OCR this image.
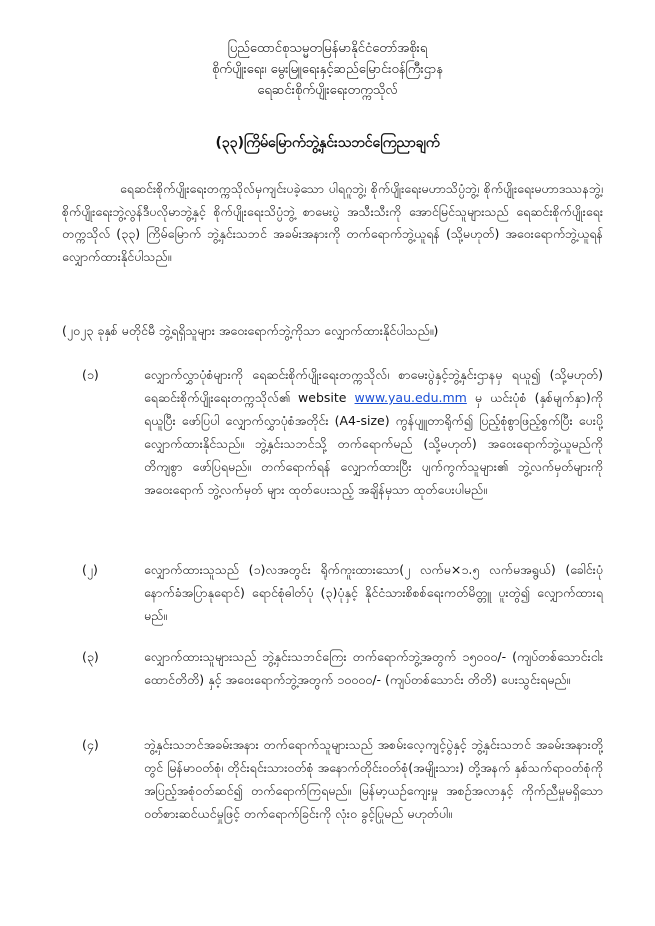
ပြည်ထောင်စုသမ္မတမြန်မာနိုင်ငံတော်အစိုးရ
စိုက်ပျိုးရေး၊ မွေးမြူရေးနှင့်ဆည်မြောင်းဝန်ကြီးဌာန
ရေဆင်းစိုက်ပျိုးရေးတက္ကသိုလ်
(၃၃)ကြိမ်မြောက်ဘွဲ့နှင်းသဘင်ကြေညာချက်
ရေဆင်းစိုက်ပျိုးရေးတက္ကသိုလ်မှကျင်းပခဲ့သော ပါရဂူဘွဲ့၊ စိုက်ပျိုးရေးမဟာသိပ္ပံဘွဲ့၊ စိုက်ပျိုးရေးမဟာဒဿနဘွဲ့၊ စိုက်ပျိုးရေးဘွဲ့လွန်ဒီပလိုမာဘွဲ့နှင့် စိုက်ပျိုးရေးသိပ္ပံဘွဲ့ စာမေးပွဲ အသီးသီးကို အောင်မြင်သူများသည် ရေဆင်းစိုက်ပျိုးရေးတက္ကသိုလ် (၃၃) ကြိမ်မြောက် ဘွဲ့နှင်းသဘင် အခမ်းအနားကို တက်ရောက်ဘွဲ့ယူရန် (သို့မဟုတ်) အဝေးရောက်ဘွဲ့ယူရန် လျှောက်ထားနိုင်ပါသည်။
(၂၀၂၃ ခုနှစ် မတိုင်မီ ဘွဲ့ရရှိသူများ အဝေးရောက်ဘွဲ့ကိုသာ လျှောက်ထားနိုင်ပါသည်။)
(၁)	လျှောက်လွှာပုံစံများကို ရေဆင်းစိုက်ပျိုးရေးတက္ကသိုလ်၊ စာမေးပွဲနှင့်ဘွဲ့နှင်းဌာနမှ ရယူ၍ (သို့မဟုတ်) ရေဆင်းစိုက်ပျိုးရေးတက္ကသိုလ်၏ website www.yau.edu.mm မှ ယင်းပုံစံ (နှစ်မျက်နှာ)ကို ရယူပြီး ဖော်ပြပါ လျှောက်လွှာပုံစံအတိုင်း (A4-size) ကွန်ပျူတာရိုက်၍ ပြည့်စုံစွာဖြည့်စွက်ပြီး ပေးပို့လျှောက်ထားနိုင်သည်။ ဘွဲ့နှင်းသဘင်သို့ တက်ရောက်မည် (သို့မဟုတ်) အဝေးရောက်ဘွဲ့ယူမည်ကို တိကျစွာ ဖော်ပြရမည်။ တက်ရောက်ရန် လျှောက်ထားပြီး ပျက်ကွက်သူများ၏ ဘွဲ့လက်မှတ်များကို အဝေးရောက် ဘွဲ့လက်မှတ် များ ထုတ်ပေးသည့် အချိန်မှသာ ထုတ်ပေးပါမည်။
(၂)	လျှောက်ထားသူသည် (၁)လအတွင်း ရိုက်ကူးထားသော(၂ လက်မ×၁.၅ လက်မအရွယ်) (ခေါင်းပုံနောက်ခံအပြာနုရောင်) ရောင်စုံဓါတ်ပုံ (၃)ပုံနှင့် နိုင်ငံသားစိစစ်ရေးကတ်မိတ္တူ ပူးတွဲ၍ လျှောက်ထားရမည်။
(၃)	လျှောက်ထားသူများသည် ဘွဲ့နှင်းသဘင်ကြေး တက်ရောက်ဘွဲ့အတွက် ၁၅၀၀၀/- (ကျပ်တစ်သောင်းငါးထောင်တိတိ) နှင့် အဝေးရောက်ဘွဲ့အတွက် ၁၀၀၀၀/- (ကျပ်တစ်သောင်း တိတိ) ပေးသွင်းရမည်။
(၄)	ဘွဲ့နှင်းသဘင်အခမ်းအနား တက်ရောက်သူများသည် အစမ်းလေ့ကျင့်ပွဲနှင့် ဘွဲ့နှင်းသဘင် အခမ်းအနားတို့တွင် မြန်မာဝတ်စုံ၊ တိုင်းရင်းသားဝတ်စုံ အနောက်တိုင်းဝတ်စုံ(အမျိုးသား) တို့အနက် နှစ်သက်ရာဝတ်စုံကို အပြည့်အစုံဝတ်ဆင်၍ တက်ရောက်ကြရမည်။ မြန်မာ့ယဉ်ကျေးမှု အစဉ်အလာနှင့် ကိုက်ညီမှုမရှိသော ဝတ်စားဆင်ယင်မှုဖြင့် တက်ရောက်ခြင်းကို လုံးဝ ခွင့်ပြုမည် မဟုတ်ပါ။
